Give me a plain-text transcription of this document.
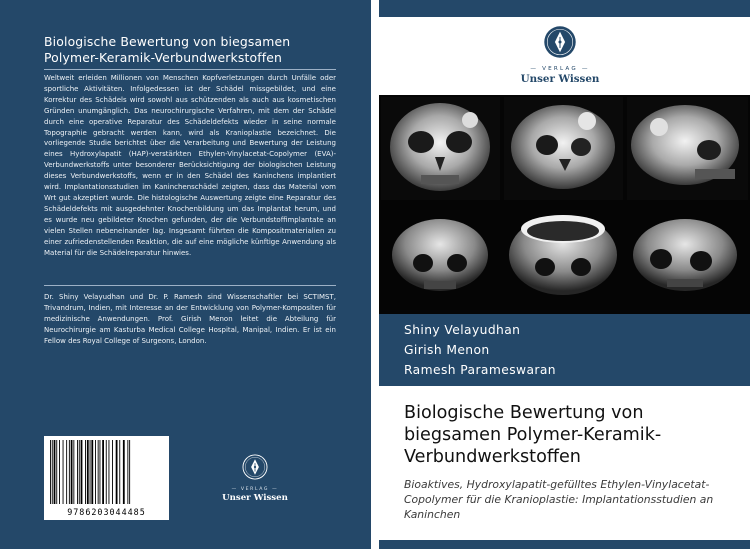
Biologische Bewertung von biegsamen
Polymer-Keramik-Verbundwerkstoffen
Weltweit erleiden Millionen von Menschen Kopfverletzungen durch Unfälle oder sportliche Aktivitäten. Infolgedessen ist der Schädel missgebildet, und eine Korrektur des Schädels wird sowohl aus schützenden als auch aus kosmetischen Gründen unumgänglich. Das neurochirurgische Verfahren, mit dem der Schädel durch eine operative Reparatur des Schädeldefekts wieder in seine normale Topographie gebracht werden kann, wird als Kranioplastie bezeichnet. Die vorliegende Studie berichtet über die Verarbeitung und Bewertung der Leistung eines Hydroxylapatit (HAP)-verstärkten Ethylen-Vinylacetat-Copolymer (EVA)-Verbundwerkstoffs unter besonderer Berücksichtigung der biologischen Leistung dieses Verbundwerkstoffs, wenn er in den Schädel des Kaninchens implantiert wird. Implantationsstudien im Kaninchenschädel zeigten, dass das Material vom Wrt gut akzeptiert wurde. Die histologische Auswertung zeigte eine Reparatur des Schädeldefekts mit ausgedehnter Knochenbildung um das Implantat herum, und es wurde neu gebildeter Knochen gefunden, der die Verbundstoffimplantate an vielen Stellen nebeneinander lag. Insgesamt führten die Kompositmaterialien zu einer zufriedenstellenden Reaktion, die auf eine mögliche künftige Anwendung als Material für die Schädelreparatur hinwies.
Dr. Shiny Velayudhan und Dr. P. Ramesh sind Wissenschaftler bei SCTIMST, Trivandrum, Indien, mit Interesse an der Entwicklung von Polymer-Kompositen für medizinische Anwendungen. Prof. Girish Menon leitet die Abteilung für Neurochirurgie am Kasturba Medical College Hospital, Manipal, Indien. Er ist ein Fellow des Royal College of Surgeons, London.
9786203044485
— VERLAG —
Unser Wissen
— VERLAG —
Unser Wissen
Shiny Velayudhan
Girish Menon
Ramesh Parameswaran
Biologische Bewertung von biegsamen Polymer-Keramik-Verbundwerkstoffen
Bioaktives, Hydroxylapatit-gefülltes Ethylen-Vinylacetat-Copolymer für die Kranioplastie: Implantationsstudien an Kaninchen
